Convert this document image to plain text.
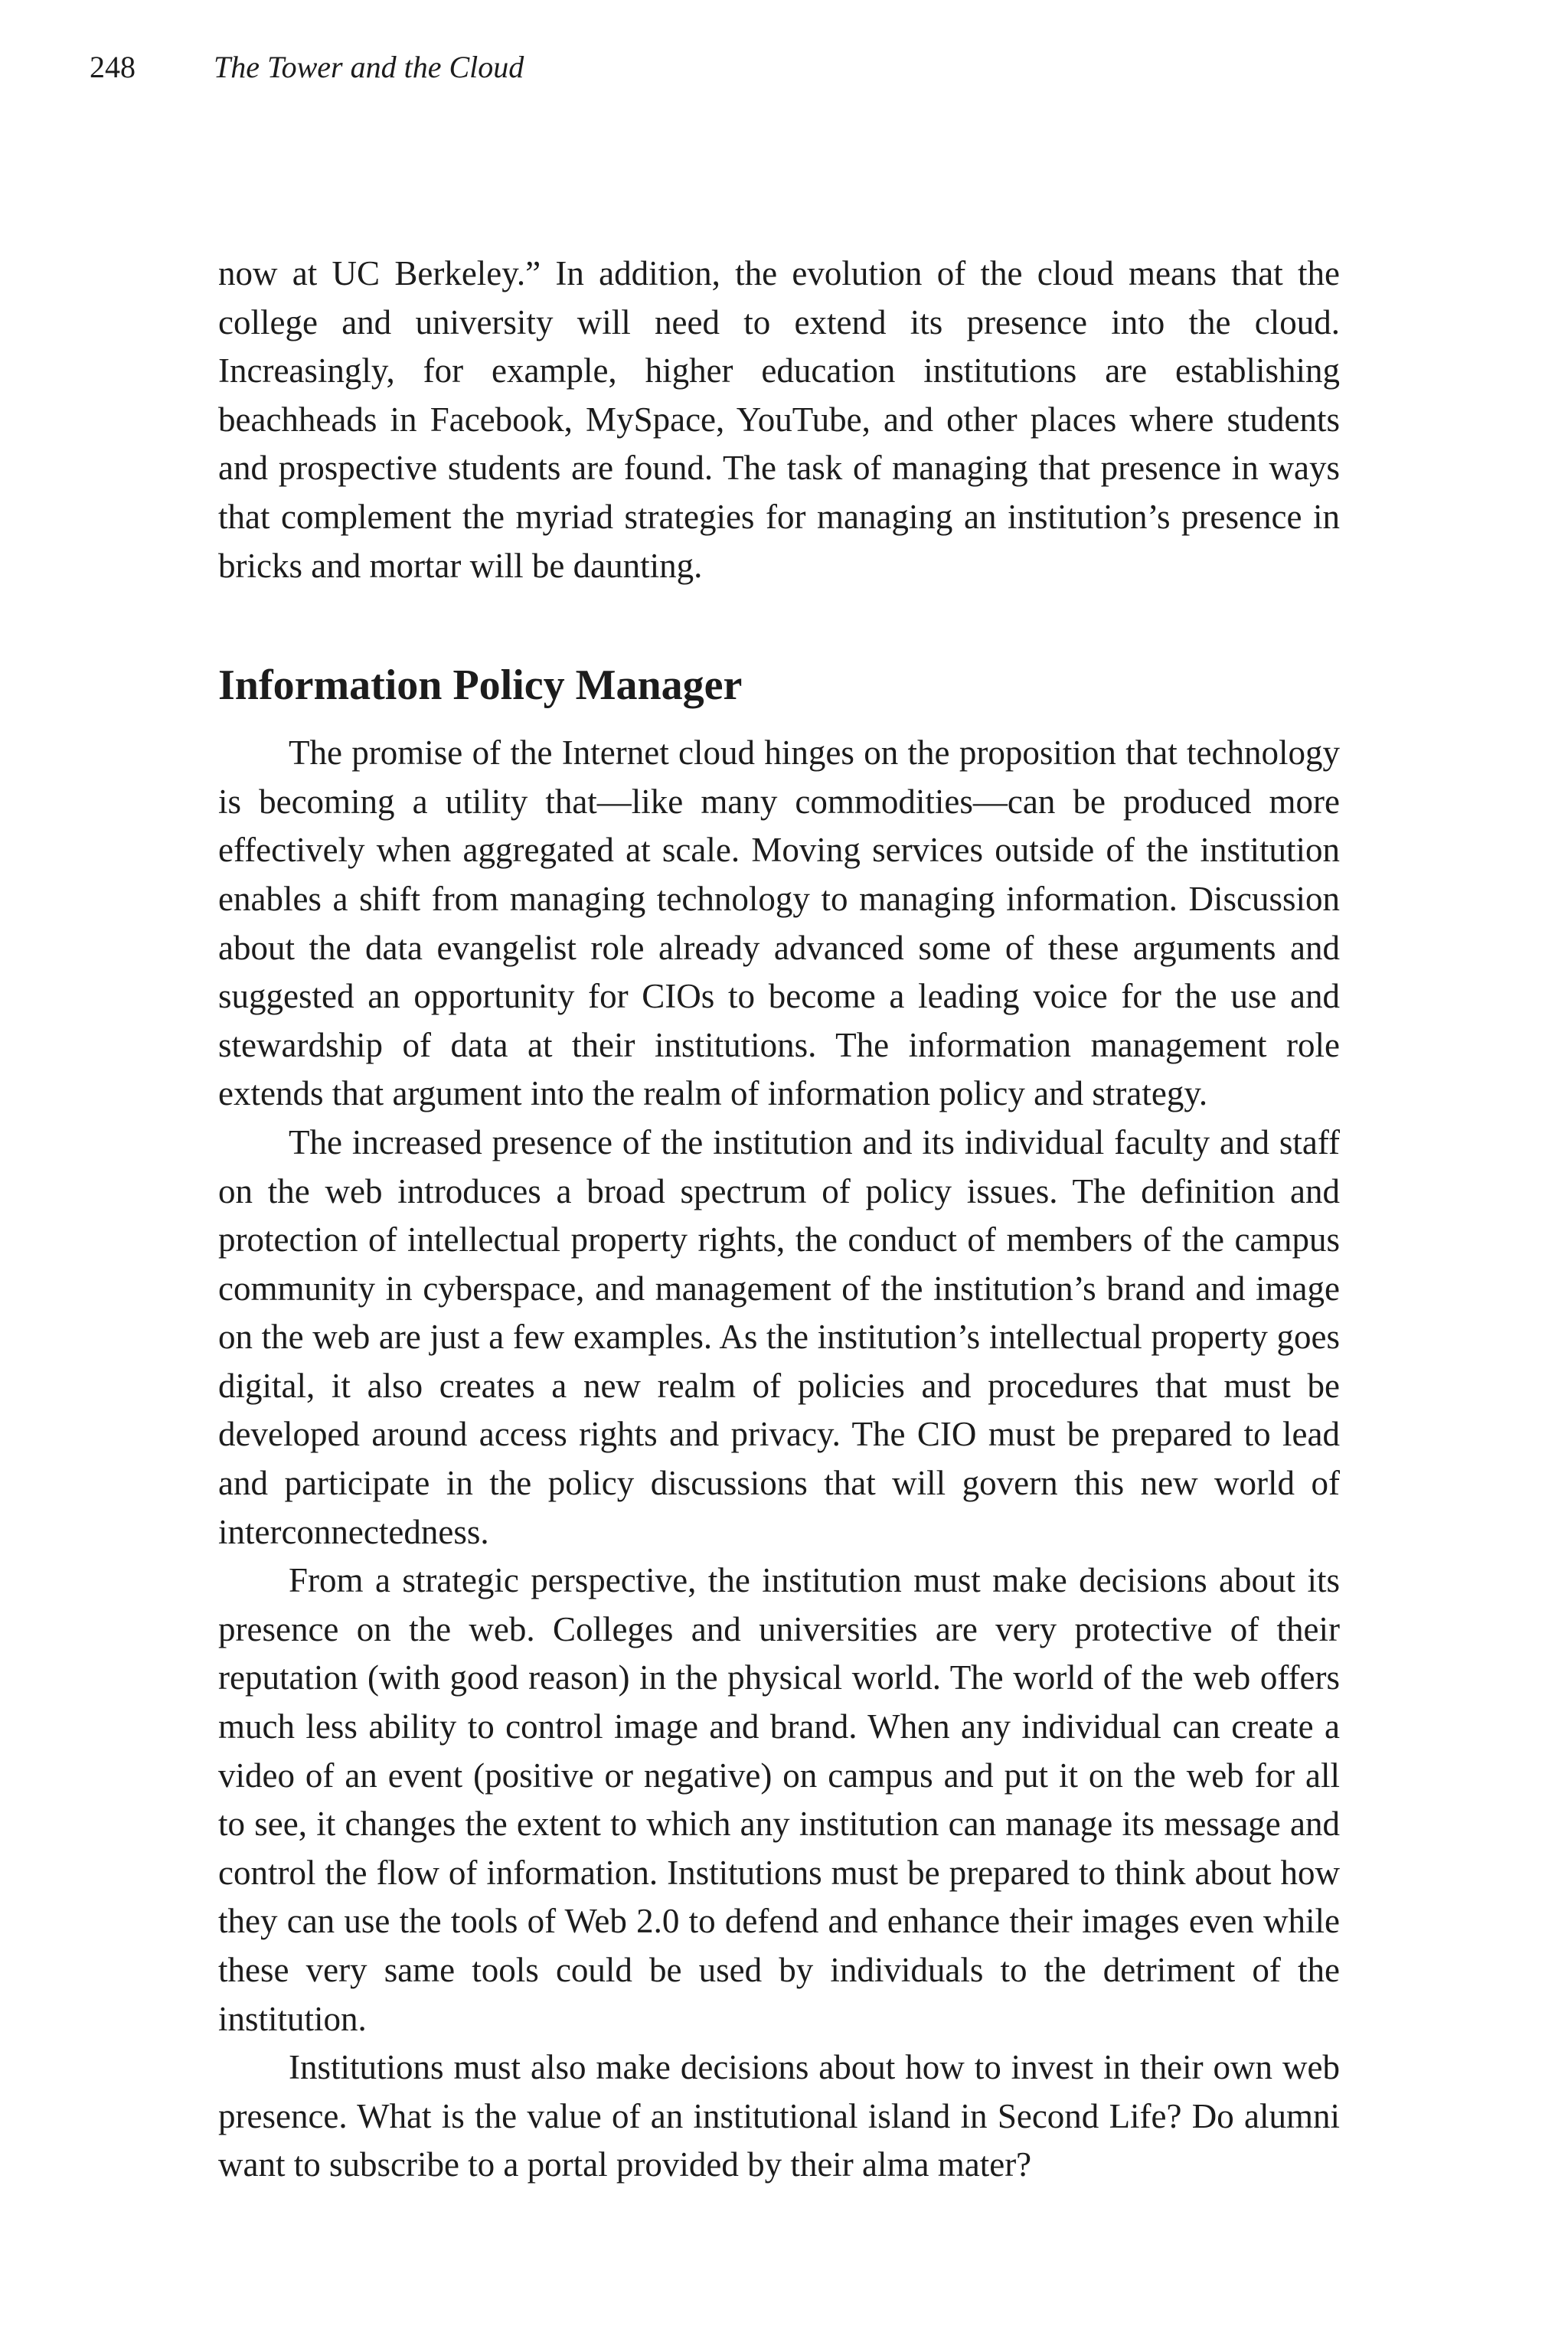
248	The Tower and the Cloud

now at UC Berkeley.” In addition, the evolution of the cloud means that the college and university will need to extend its presence into the cloud. Increasingly, for example, higher education institutions are establishing beachheads in Facebook, MySpace, YouTube, and other places where students and prospective students are found. The task of managing that presence in ways that complement the myriad strategies for managing an institution’s presence in bricks and mortar will be daunting.

Information Policy Manager

The promise of the Internet cloud hinges on the proposition that technology is becoming a utility that—like many commodities—can be produced more effectively when aggregated at scale. Moving services outside of the institution enables a shift from managing technology to managing information. Discussion about the data evangelist role already advanced some of these arguments and suggested an opportunity for CIOs to become a leading voice for the use and stewardship of data at their institutions. The information management role extends that argument into the realm of information policy and strategy.

The increased presence of the institution and its individual faculty and staff on the web introduces a broad spectrum of policy issues. The definition and protection of intellectual property rights, the conduct of members of the campus community in cyberspace, and management of the institution’s brand and image on the web are just a few examples. As the institution’s intellectual property goes digital, it also creates a new realm of policies and procedures that must be developed around access rights and privacy. The CIO must be prepared to lead and participate in the policy discussions that will govern this new world of interconnectedness.

From a strategic perspective, the institution must make decisions about its presence on the web. Colleges and universities are very protective of their reputation (with good reason) in the physical world. The world of the web offers much less ability to control image and brand. When any individual can create a video of an event (positive or negative) on campus and put it on the web for all to see, it changes the extent to which any institution can manage its message and control the flow of information. Institutions must be prepared to think about how they can use the tools of Web 2.0 to defend and enhance their images even while these very same tools could be used by individuals to the detriment of the institution.

Institutions must also make decisions about how to invest in their own web presence. What is the value of an institutional island in Second Life? Do alumni want to subscribe to a portal provided by their alma mater?
